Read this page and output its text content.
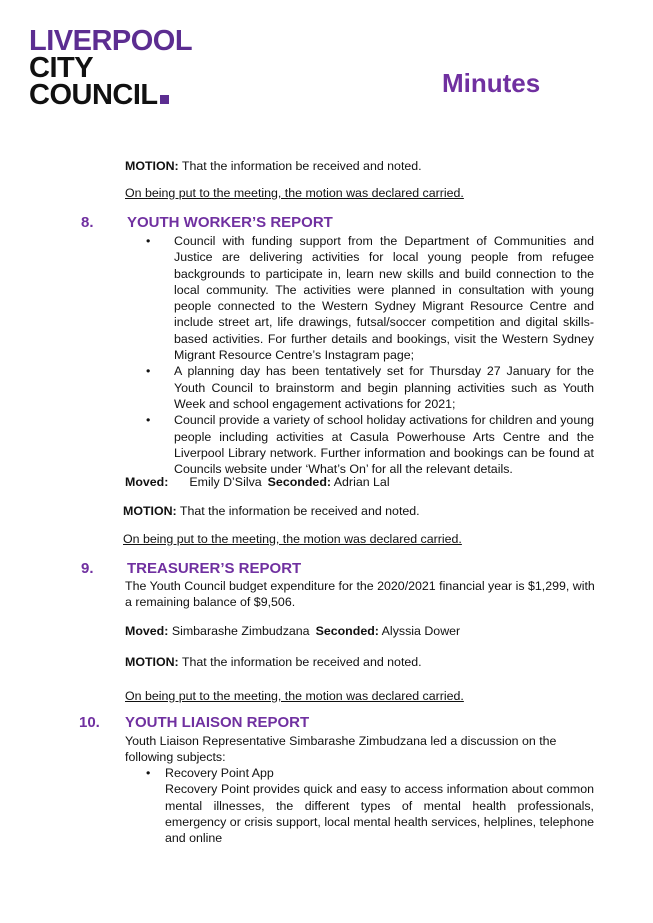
LIVERPOOL
CITY
COUNCIL	Minutes
MOTION: That the information be received and noted.
On being put to the meeting, the motion was declared carried.
8. YOUTH WORKER’S REPORT
• Council with funding support from the Department of Communities and Justice are delivering activities for local young people from refugee backgrounds to participate in, learn new skills and build connection to the local community. The activities were planned in consultation with young people connected to the Western Sydney Migrant Resource Centre and include street art, life drawings, futsal/soccer competition and digital skills-based activities. For further details and bookings, visit the Western Sydney Migrant Resource Centre’s Instagram page;
• A planning day has been tentatively set for Thursday 27 January for the Youth Council to brainstorm and begin planning activities such as Youth Week and school engagement activations for 2021;
• Council provide a variety of school holiday activations for children and young people including activities at Casula Powerhouse Arts Centre and the Liverpool Library network. Further information and bookings can be found at Councils website under ‘What’s On’ for all the relevant details.
Moved: Emily D’Silva Seconded: Adrian Lal
MOTION: That the information be received and noted.
On being put to the meeting, the motion was declared carried.
9. TREASURER’S REPORT
The Youth Council budget expenditure for the 2020/2021 financial year is $1,299, with a remaining balance of $9,506.
Moved: Simbarashe Zimbudzana Seconded: Alyssia Dower
MOTION: That the information be received and noted.
On being put to the meeting, the motion was declared carried.
10. YOUTH LIAISON REPORT
Youth Liaison Representative Simbarashe Zimbudzana led a discussion on the following subjects:
• Recovery Point App
Recovery Point provides quick and easy to access information about common mental illnesses, the different types of mental health professionals, emergency or crisis support, local mental health services, helplines, telephone and online
